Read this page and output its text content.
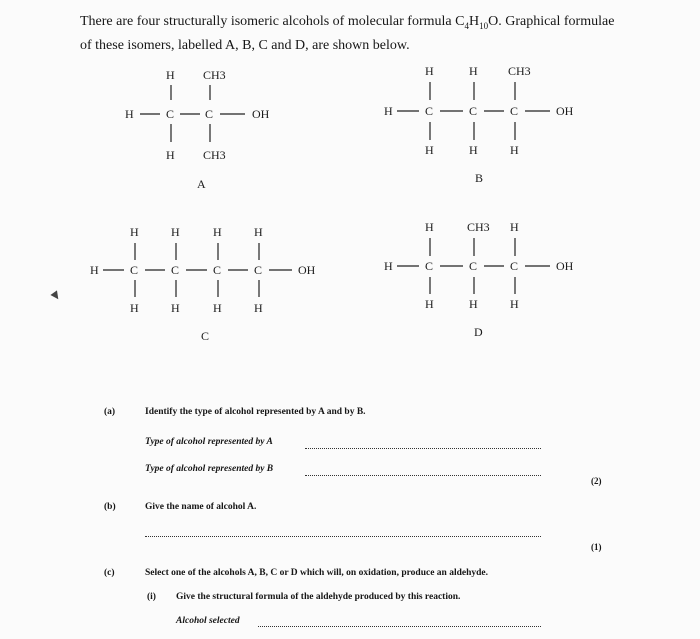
There are four structurally isomeric alcohols of molecular formula $C_4H_{10}O$. Graphical formulae
of these isomers, labelled A, B, C and D, are shown below.
H CH3
H	C	C	OH
H CH3
A
H	H	CH3
H	C	C	C	OH
H	H	H
B
H	H	H	H
H	C	C	C	C	OH
H	H	H	H
C
H	CH3 H
H	C	C	C	OH
H	H	H
D
(a)	Identify the type of alcohol represented by A and by B.
Type of alcohol represented by A
Type of alcohol represented by B
(2)
(b)	Give the name of alcohol A.
(1)
(c)	Select one of the alcohols A, B, C or D which will, on oxidation, produce an aldehyde.
(i) Give the structural formula of the aldehyde produced by this reaction.
Alcohol selected
